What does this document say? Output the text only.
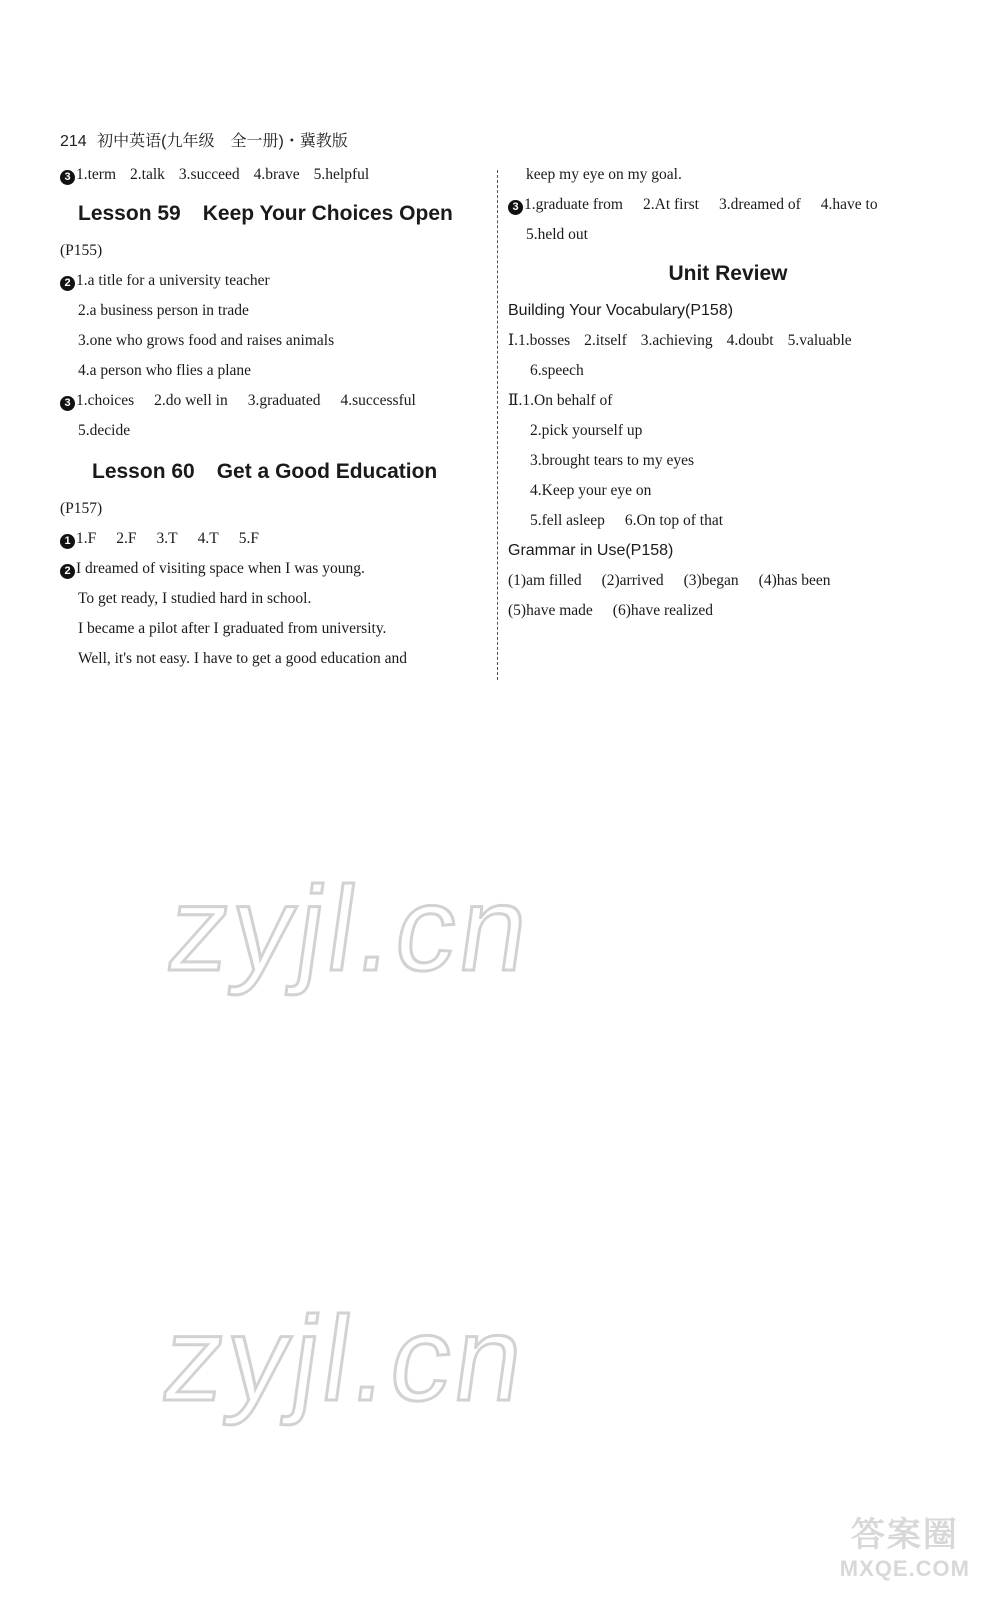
214 初中英语(九年级　全一册)・冀教版
3 1.term 2.talk 3.succeed 4.brave 5.helpful
Lesson 59 Keep Your Choices Open
(P155)
2 1.a title for a university teacher
2.a business person in trade
3.one who grows food and raises animals
4.a person who flies a plane
3 1.choices 2.do well in 3.graduated 4.successful
5.decide
Lesson 60 Get a Good Education
(P157)
1 1.F 2.F 3.T 4.T 5.F
2 I dreamed of visiting space when I was young.
To get ready, I studied hard in school.
I became a pilot after I graduated from university.
Well, it's not easy. I have to get a good education and
keep my eye on my goal.
3 1.graduate from 2.At first 3.dreamed of 4.have to
5.held out
Unit Review
Building Your Vocabulary(P158)
Ⅰ.1.bosses 2.itself 3.achieving 4.doubt 5.valuable
6.speech
Ⅱ.1.On behalf of
2.pick yourself up
3.brought tears to my eyes
4.Keep your eye on
5.fell asleep 6.On top of that
Grammar in Use(P158)
(1)am filled (2)arrived (3)began (4)has been
(5)have made (6)have realized
zyjl.cn
zyjl.cn
答案圈
MXQE.COM
